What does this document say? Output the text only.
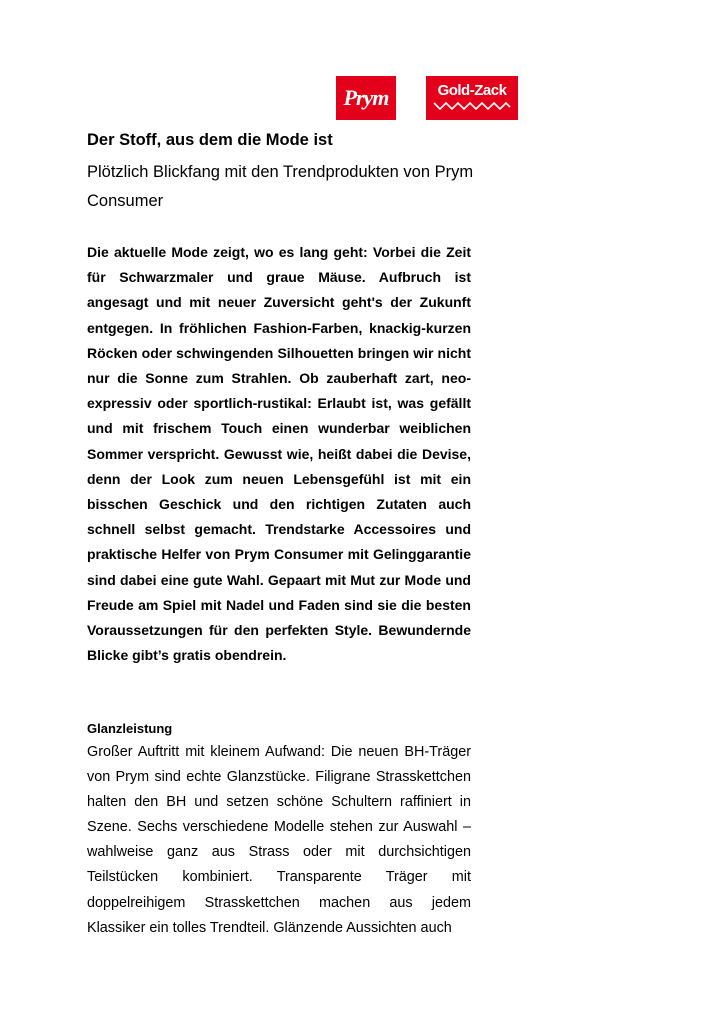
Prym	Gold-Zack
Der Stoff, aus dem die Mode ist
Plötzlich Blickfang mit den Trendprodukten von Prym Consumer
Die aktuelle Mode zeigt, wo es lang geht: Vorbei die Zeit für Schwarzmaler und graue Mäuse. Aufbruch ist angesagt und mit neuer Zuversicht geht's der Zukunft entgegen. In fröhlichen Fashion-Farben, knackig-kurzen Röcken oder schwingenden Silhouetten bringen wir nicht nur die Sonne zum Strahlen. Ob zauberhaft zart, neo-expressiv oder sportlich-rustikal: Erlaubt ist, was gefällt und mit frischem Touch einen wunderbar weiblichen Sommer verspricht. Gewusst wie, heißt dabei die Devise, denn der Look zum neuen Lebensgefühl ist mit ein bisschen Geschick und den richtigen Zutaten auch schnell selbst gemacht. Trendstarke Accessoires und praktische Helfer von Prym Consumer mit Gelinggarantie sind dabei eine gute Wahl. Gepaart mit Mut zur Mode und Freude am Spiel mit Nadel und Faden sind sie die besten Voraussetzungen für den perfekten Style. Bewundernde Blicke gibt’s gratis obendrein.
Glanzleistung
Großer Auftritt mit kleinem Aufwand: Die neuen BH-Träger von Prym sind echte Glanzstücke. Filigrane Strasskettchen halten den BH und setzen schöne Schultern raffiniert in Szene. Sechs verschiedene Modelle stehen zur Auswahl – wahlweise ganz aus Strass oder mit durchsichtigen Teilstücken kombiniert. Transparente Träger mit doppelreihigem Strasskettchen machen aus jedem Klassiker ein tolles Trendteil. Glänzende Aussichten auch
